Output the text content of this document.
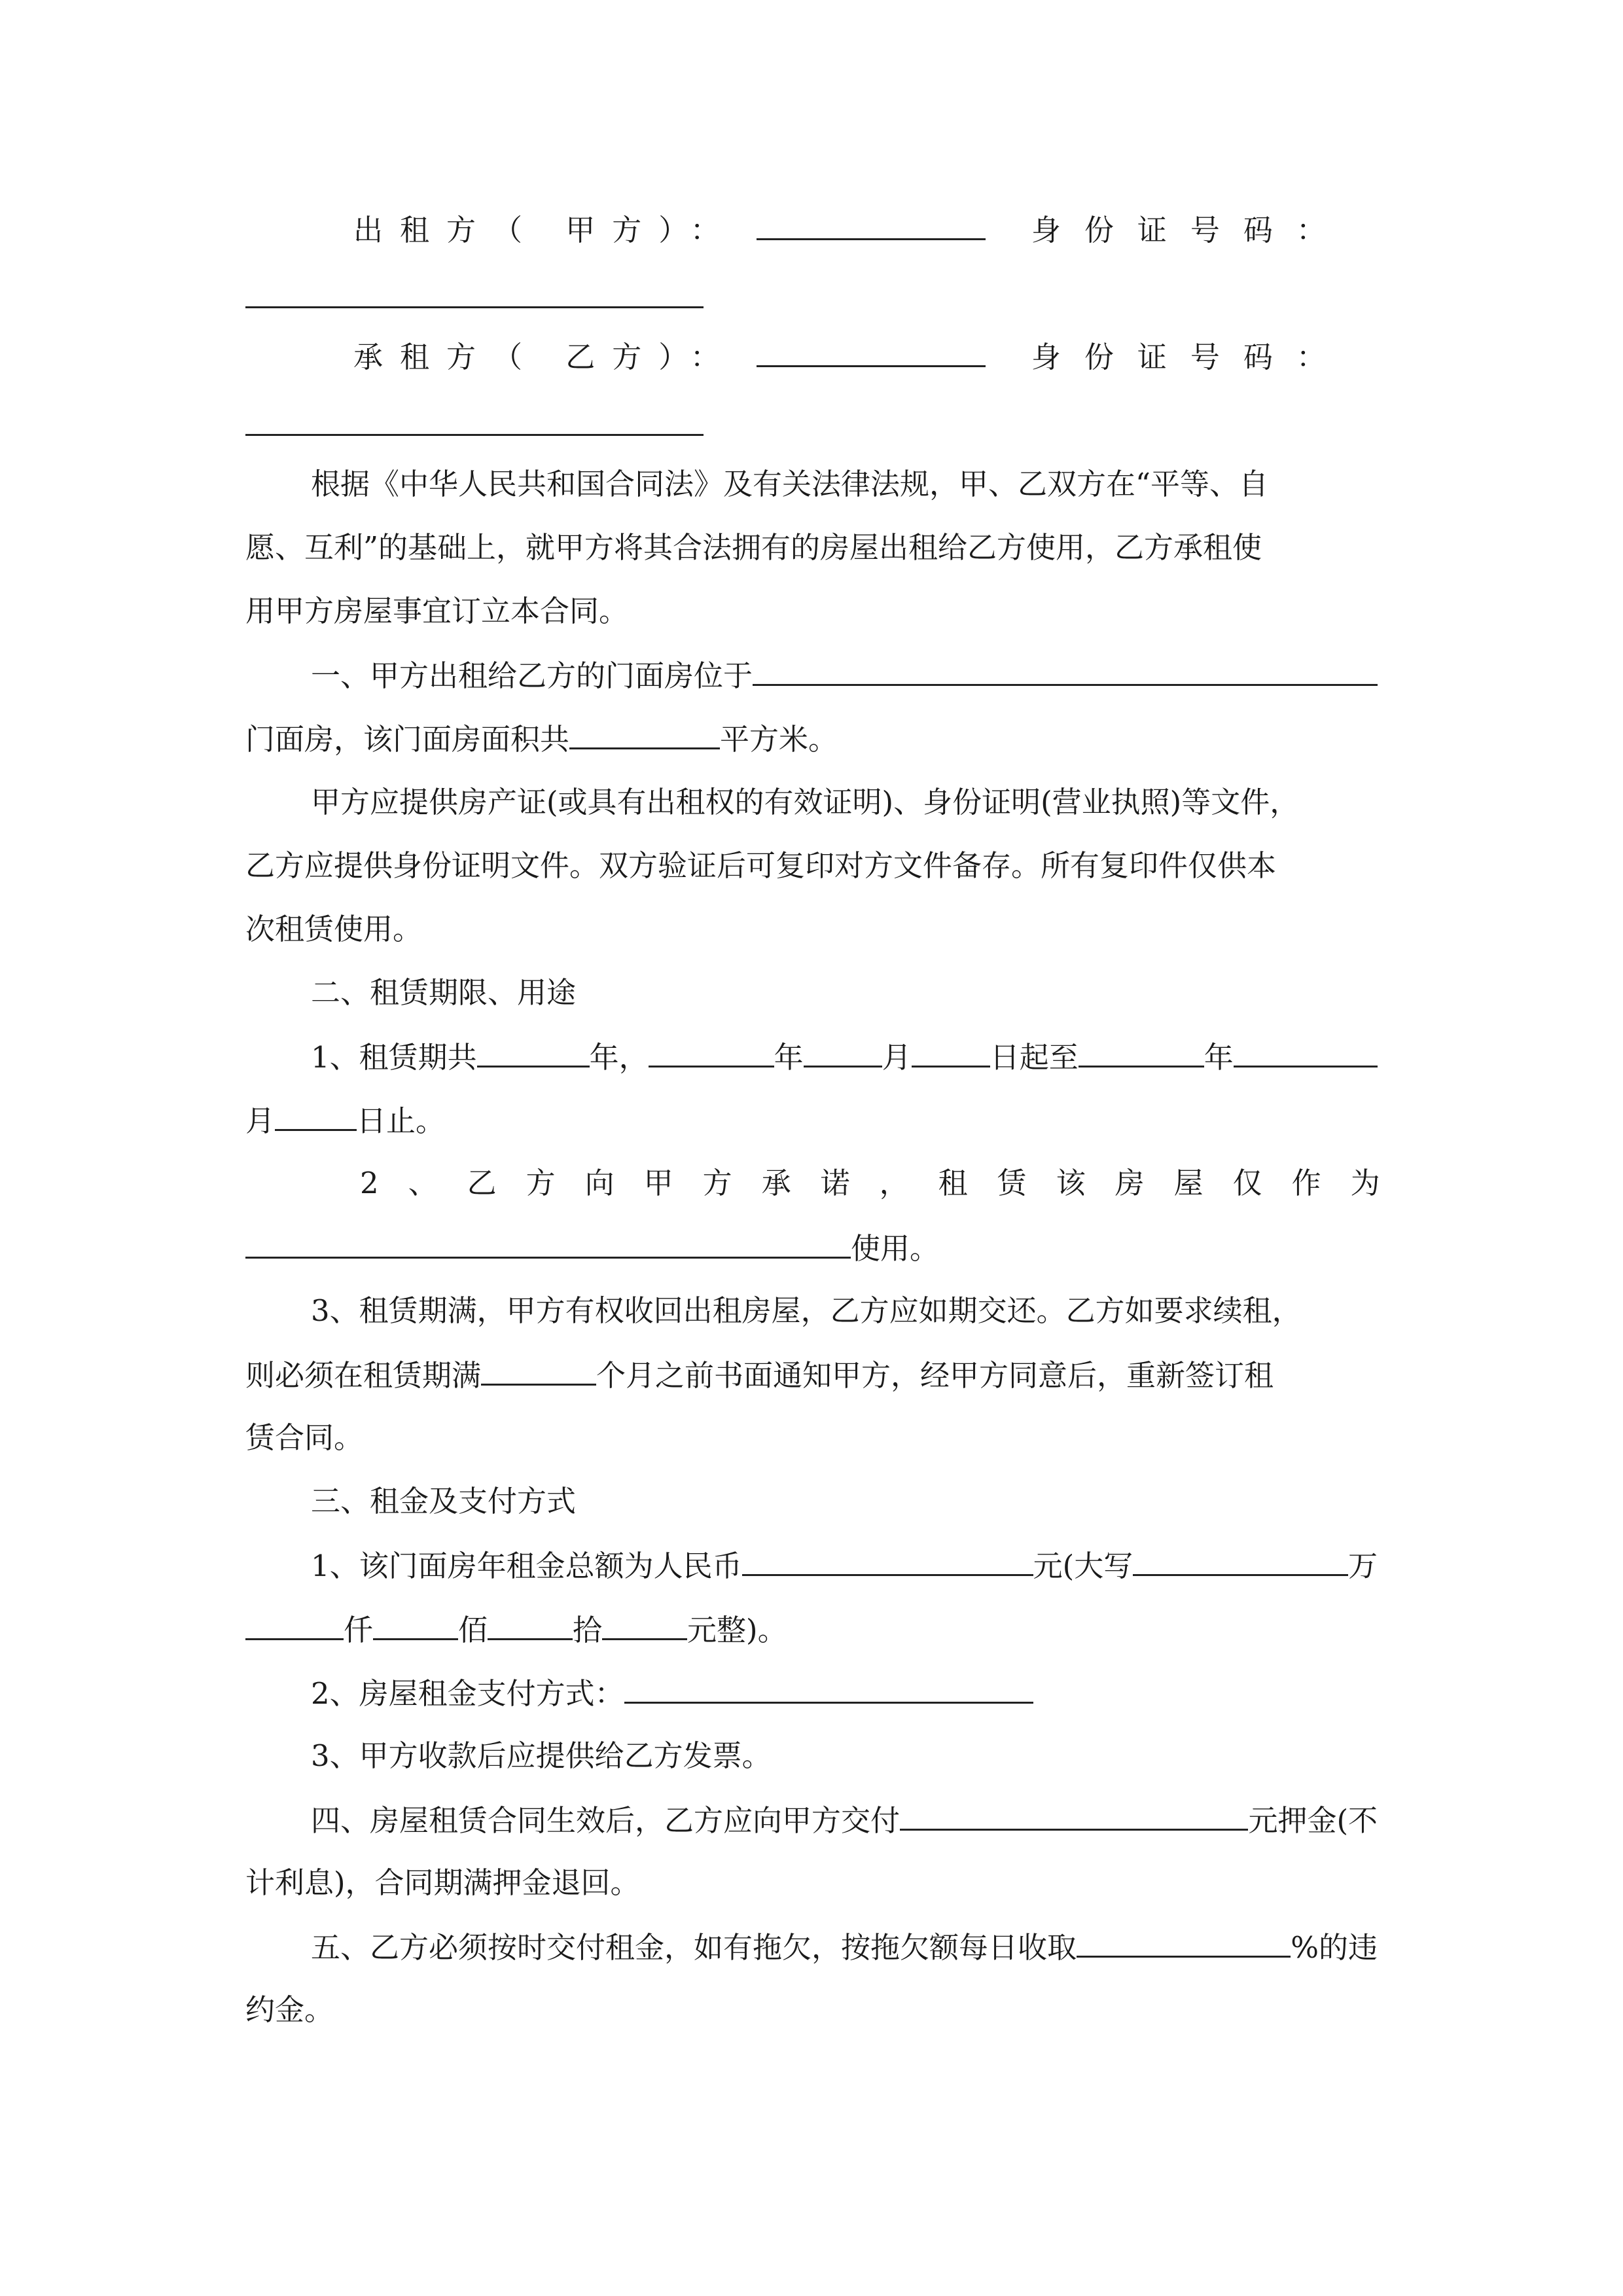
出租方（ 甲方）：	身份证号码：
承租方（ 乙方）：	身份证号码：
根据《中华人民共和国合同法》及有关法律法规，甲、乙双方在“平等、自
愿、互利”的基础上，就甲方将其合法拥有的房屋出租给乙方使用，乙方承租使
用甲方房屋事宜订立本合同。
一、甲方出租给乙方的门面房位于
门面房，该门面房面积共	平方米。
甲方应提供房产证(或具有出租权的有效证明)、身份证明(营业执照)等文件，
乙方应提供身份证明文件。双方验证后可复印对方文件备存。所有复印件仅供本
次租赁使用。
二、租赁期限、用途
1、租赁期共	年，	年	月	日起至	年
月	日止。
2、乙方向甲方承诺，租赁该房屋仅作为
使用。
3、租赁期满，甲方有权收回出租房屋，乙方应如期交还。乙方如要求续租，
则必须在租赁期满	个月之前书面通知甲方，经甲方同意后，重新签订租
赁合同。
三、租金及支付方式
1、该门面房年租金总额为人民币	元(大写	万
仟	佰	拾	元整)。
2、房屋租金支付方式：
3、甲方收款后应提供给乙方发票。
四、房屋租赁合同生效后，乙方应向甲方交付	元押金(不
计利息)，合同期满押金退回。
五、乙方必须按时交付租金，如有拖欠，按拖欠额每日收取	%的违
约金。
